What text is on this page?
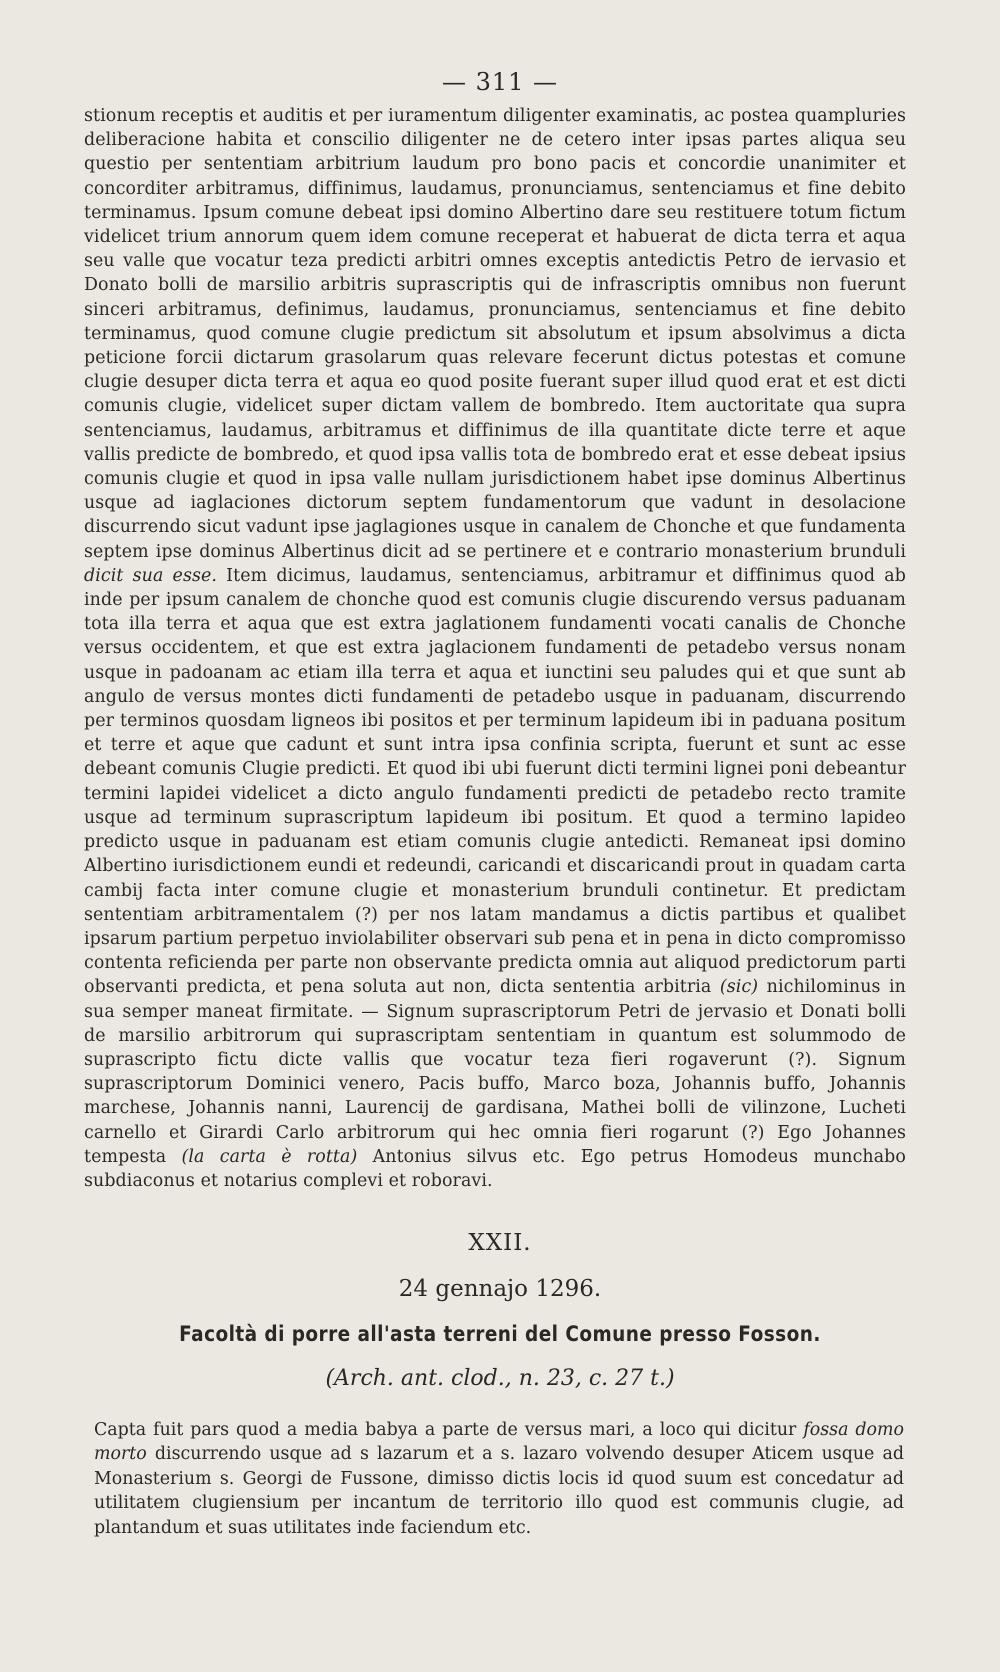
— 311 —

stionum receptis et auditis et per iuramentum diligenter examinatis, ac postea quampluries deliberacione habita et conscilio diligenter ne de cetero inter ipsas partes aliqua seu questio per sententiam arbitrium laudum pro bono pacis et concordie unanimiter et concorditer arbitramus, diffinimus, laudamus, pronunciamus, sentenciamus et fine debito terminamus. Ipsum comune debeat ipsi domino Albertino dare seu restituere totum fictum videlicet trium annorum quem idem comune receperat et habuerat de dicta terra et aqua seu valle que vocatur teza predicti arbitri omnes exceptis antedictis Petro de iervasio et Donato bolli de marsilio arbitris suprascriptis qui de infrascriptis omnibus non fuerunt sinceri arbitramus, definimus, laudamus, pronunciamus, sentenciamus et fine debito terminamus, quod comune clugie predictum sit absolutum et ipsum absolvimus a dicta peticione forcii dictarum grasolarum quas relevare fecerunt dictus potestas et comune clugie desuper dicta terra et aqua eo quod posite fuerant super illud quod erat et est dicti comunis clugie, videlicet super dictam vallem de bombredo. Item auctoritate qua supra sentenciamus, laudamus, arbitramus et diffinimus de illa quantitate dicte terre et aque vallis predicte de bombredo, et quod ipsa vallis tota de bombredo erat et esse debeat ipsius comunis clugie et quod in ipsa valle nullam jurisdictionem habet ipse dominus Albertinus usque ad iaglaciones dictorum septem fundamentorum que vadunt in desolacione discurrendo sicut vadunt ipse jaglagiones usque in canalem de Chonche et que fundamenta septem ipse dominus Albertinus dicit ad se pertinere et e contrario monasterium brunduli dicit sua esse. Item dicimus, laudamus, sentenciamus, arbitramur et diffinimus quod ab inde per ipsum canalem de chonche quod est comunis clugie discurendo versus paduanam tota illa terra et aqua que est extra jaglationem fundamenti vocati canalis de Chonche versus occidentem, et que est extra jaglacionem fundamenti de petadebo versus nonam usque in padoanam ac etiam illa terra et aqua et iunctini seu paludes qui et que sunt ab angulo de versus montes dicti fundamenti de petadebo usque in paduanam, discurrendo per terminos quosdam ligneos ibi positos et per terminum lapideum ibi in paduana positum et terre et aque que cadunt et sunt intra ipsa confinia scripta, fuerunt et sunt ac esse debeant comunis Clugie predicti. Et quod ibi ubi fuerunt dicti termini lignei poni debeantur termini lapidei videlicet a dicto angulo fundamenti predicti de petadebo recto tramite usque ad terminum suprascriptum lapideum ibi positum. Et quod a termino lapideo predicto usque in paduanam est etiam comunis clugie antedicti. Remaneat ipsi domino Albertino iurisdictionem eundi et redeundi, caricandi et discaricandi prout in quadam carta cambij facta inter comune clugie et monasterium brunduli continetur. Et predictam sententiam arbitramentalem (?) per nos latam mandamus a dictis partibus et qualibet ipsarum partium perpetuo inviolabiliter observari sub pena et in pena in dicto compromisso contenta reficienda per parte non observante predicta omnia aut aliquod predictorum parti observanti predicta, et pena soluta aut non, dicta sententia arbitria (sic) nichilominus in sua semper maneat firmitate. — Signum suprascriptorum Petri de jervasio et Donati bolli de marsilio arbitrorum qui suprascriptam sententiam in quantum est solummodo de suprascripto fictu dicte vallis que vocatur teza fieri rogaverunt (?). Signum suprascriptorum Dominici venero, Pacis buffo, Marco boza, Johannis buffo, Johannis marchese, Johannis nanni, Laurencij de gardisana, Mathei bolli de vilinzone, Lucheti carnello et Girardi Carlo arbitrorum qui hec omnia fieri rogarunt (?) Ego Johannes tempesta (la carta è rotta) Antonius silvus etc. Ego petrus Homodeus munchabo subdiaconus et notarius complevi et roboravi.

XXII.
24 gennajo 1296.
Facoltà di porre all'asta terreni del Comune presso Fosson.
(Arch. ant. clod., n. 23, c. 27 t.)

Capta fuit pars quod a media babya a parte de versus mari, a loco qui dicitur fossa domo morto discurrendo usque ad s lazarum et a s. lazaro volvendo desuper Aticem usque ad Monasterium s. Georgi de Fussone, dimisso dictis locis id quod suum est concedatur ad utilitatem clugiensium per incantum de territorio illo quod est communis clugie, ad plantandum et suas utilitates inde faciendum etc.
